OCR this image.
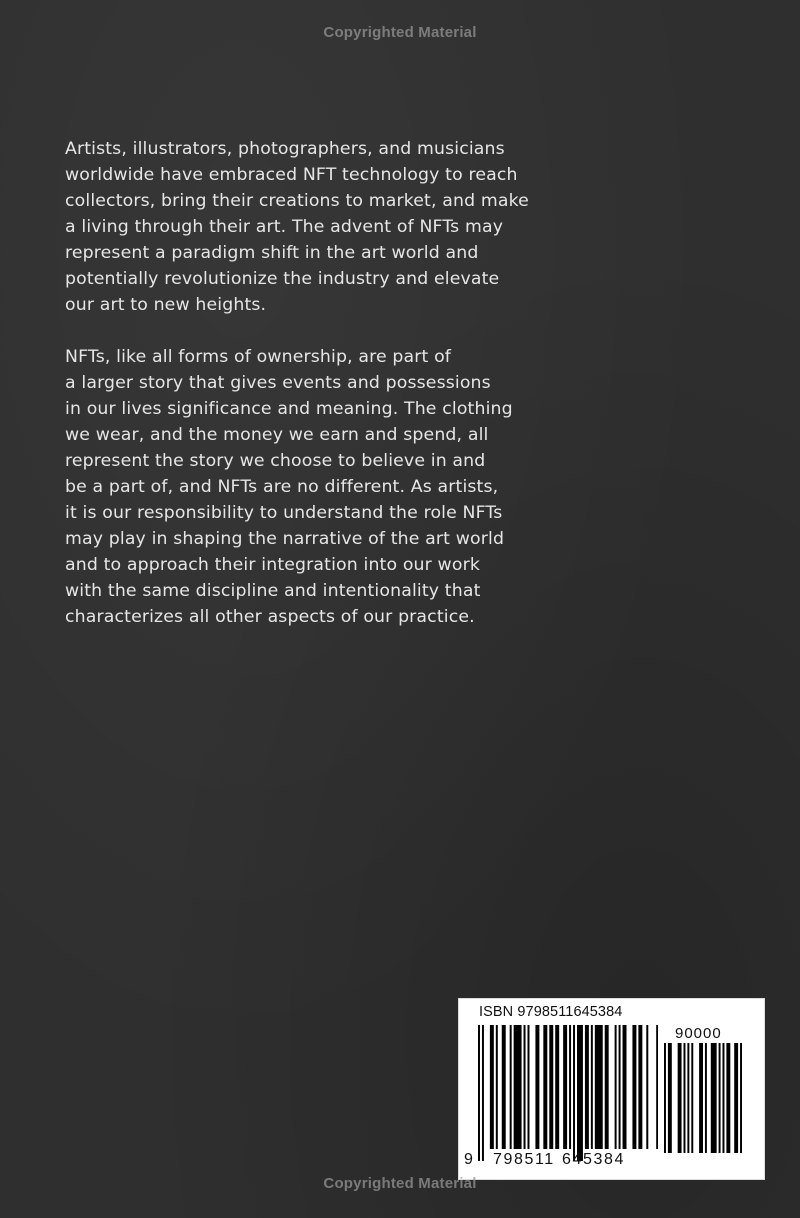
Copyrighted Material

Artists, illustrators, photographers, and musicians
worldwide have embraced NFT technology to reach
collectors, bring their creations to market, and make
a living through their art. The advent of NFTs may
represent a paradigm shift in the art world and
potentially revolutionize the industry and elevate
our art to new heights.

NFTs, like all forms of ownership, are part of
a larger story that gives events and possessions
in our lives significance and meaning. The clothing
we wear, and the money we earn and spend, all
represent the story we choose to believe in and
be a part of, and NFTs are no different. As artists,
it is our responsibility to understand the role NFTs
may play in shaping the narrative of the art world
and to approach their integration into our work
with the same discipline and intentionality that
characterizes all other aspects of our practice.

ISBN 9798511645384
90000
9 798511 645384
Copyrighted Material
